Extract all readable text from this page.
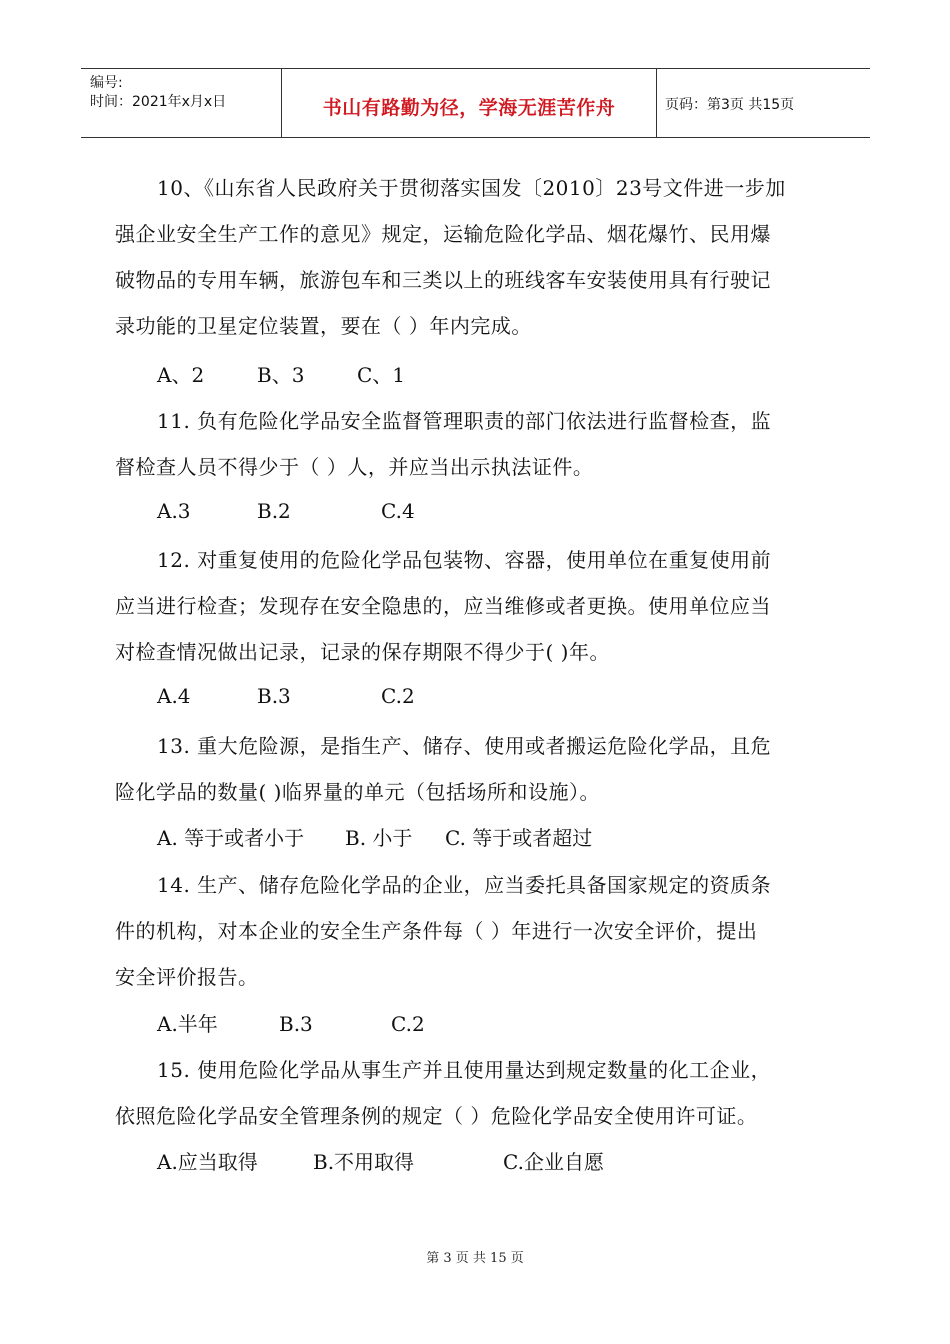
编号:
时间：2021年x月x日	书山有路勤为径，学海无涯苦作舟	页码：第3页 共15页
10、《山东省人民政府关于贯彻落实国发〔2010〕23号文件进一步加
强企业安全生产工作的意见》规定，运输危险化学品、烟花爆竹、民用爆
破物品的专用车辆，旅游包车和三类以上的班线客车安装使用具有行驶记
录功能的卫星定位装置，要在（ ）年内完成。
A、2	B、3	C、1
11. 负有危险化学品安全监督管理职责的部门依法进行监督检查，监
督检查人员不得少于（ ）人，并应当出示执法证件。
A.3	B.2	C.4
12. 对重复使用的危险化学品包装物、容器，使用单位在重复使用前
应当进行检查；发现存在安全隐患的，应当维修或者更换。使用单位应当
对检查情况做出记录，记录的保存期限不得少于( )年。
A.4	B.3	C.2
13. 重大危险源，是指生产、储存、使用或者搬运危险化学品，且危
险化学品的数量( )临界量的单元（包括场所和设施）。
A. 等于或者小于 B. 小于 C. 等于或者超过
14. 生产、储存危险化学品的企业，应当委托具备国家规定的资质条
件的机构，对本企业的安全生产条件每（ ）年进行一次安全评价，提出
安全评价报告。
A.半年	B.3	C.2
15. 使用危险化学品从事生产并且使用量达到规定数量的化工企业，
依照危险化学品安全管理条例的规定（ ）危险化学品安全使用许可证。
A.应当取得	B.不用取得	C.企业自愿
第 3 页 共 15 页
